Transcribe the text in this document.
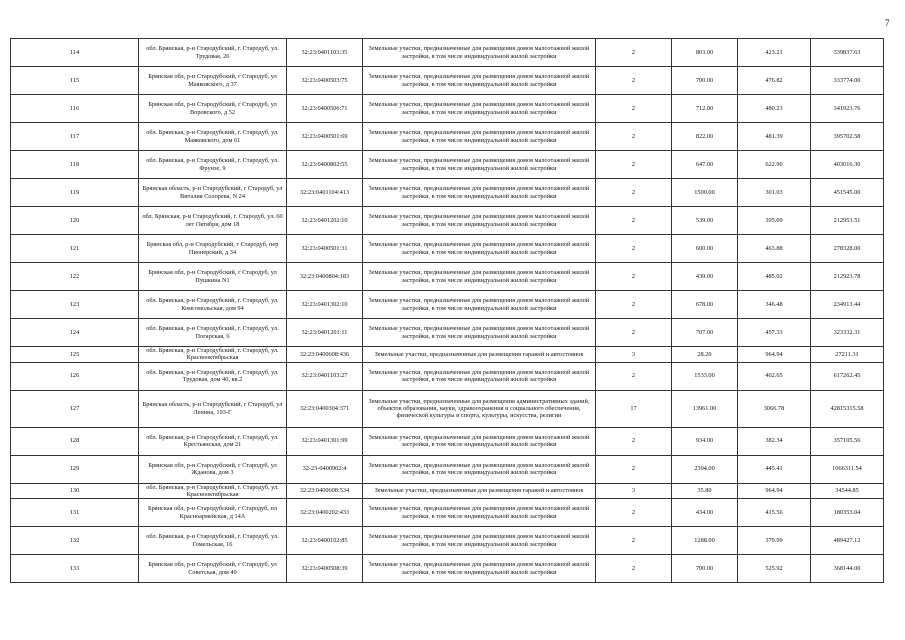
7
114	обл. Брянская, р-н Стародубский, г. Стародуб, ул. Трудовая, 26	32:23:0401103:35	Земельные участки, предназначенные для размещения домов малоэтажной жилой застройки, в том числе индивидуальной жилой застройки	2	803.00	423.21	339837.63
115	Брянская обл, р-н Стародубский, г Стародуб, ул Маяковского, д 37	32:23:0400503:75	Земельные участки, предназначенные для размещения домов малоэтажной жилой застройки, в том числе индивидуальной жилой застройки	2	700.00	476.82	333774.00
116	Брянская обл, р-н Стародубский, г Стародуб, ул Воровского, д 52	32:23:0400506:71	Земельные участки, предназначенные для размещения домов малоэтажной жилой застройки, в том числе индивидуальной жилой застройки	2	712.00	480.23	341923.76
117	обл. Брянская, р-н Стародубский, г. Стародуб, ул. Маяковского, дом 61	32:23:0400501:69	Земельные участки, предназначенные для размещения домов малоэтажной жилой застройки, в том числе индивидуальной жилой застройки	2	822.00	481.39	395702.58
118	обл. Брянская, р-н Стародубский, г. Стародуб, ул. Фрунзе, 9	32:23:0400802:55	Земельные участки, предназначенные для размещения домов малоэтажной жилой застройки, в том числе индивидуальной жилой застройки	2	647.00	622.90	403016.30
119	Брянская область, р-н Стародубский, г Стародуб, ул Виталия Солорева, N 24	32:23:0401104:413	Земельные участки, предназначенные для размещения домов малоэтажной жилой застройки, в том числе индивидуальной жилой застройки	2	1500.00	301.03	451545.00
120	обл. Брянская, р-н Стародубский, г. Стародуб, ул. 60 лет Октября, дом 18	32:23:0401202:10	Земельные участки, предназначенные для размещения домов малоэтажной жилой застройки, в том числе индивидуальной жилой застройки	2	539.00	395.09	212953.51
121	Брянская обл, р-н Стародубский, г Стародуб, пер Пионерский, д 34	32:23:0400501:31	Земельные участки, предназначенные для размещения домов малоэтажной жилой застройки, в том числе индивидуальной жилой застройки	2	600.00	463.88	278328.00
122	Брянская обл, р-н Стародубский, г Стародуб, ул Пушкина N1	32:23:0400804:183	Земельные участки, предназначенные для размещения домов малоэтажной жилой застройки, в том числе индивидуальной жилой застройки	2	439.00	485.02	212923.78
123	обл. Брянская, р-н Стародубский, г. Стародуб, ул. Комсомольская, дом 94	32:23:0401302:10	Земельные участки, предназначенные для размещения домов малоэтажной жилой застройки, в том числе индивидуальной жилой застройки	2	678.00	346.48	234913.44
124	обл. Брянская, р-н Стародубский, г. Стародуб, ул. Погарская, 6	32:23:0401201:11	Земельные участки, предназначенные для размещения домов малоэтажной жилой застройки, в том числе индивидуальной жилой застройки	2	707.00	457.33	323332.31
125	обл. Брянская, р-н Стародубский, г. Стародуб, ул. Краснооктябрьская	32:23:0400608:436	Земельные участки, предназначенные для размещения гаражей и автостоянок	3	28.20	964.94	27211.31
126	обл. Брянская, р-н Стародубский, г. Стародуб, ул. Трудовая, дом 40, кв.2	32:23:0401103:27	Земельные участки, предназначенные для размещения домов малоэтажной жилой застройки, в том числе индивидуальной жилой застройки	2	1533.00	402.65	617262.45
127	Брянская область, р-н Стародубский, г Стародуб, ул Ленина, 193-Г	32:23:0400304:371	Земельные участки, предназначенные для размещения административных зданий, объектов образования, науки, здравоохранения и социального обеспечения, физической культуры и спорта, культуры, искусства, религии	17	13961.00	3066.78	42815315.58
128	обл. Брянская, р-н Стародубский, г. Стародуб, ул. Крестьянская, дом 21	32:23:0401301:99	Земельные участки, предназначенные для размещения домов малоэтажной жилой застройки, в том числе индивидуальной жилой застройки	2	934.00	382.34	357105.56
129	Брянская обл, р-н Стародубский, г Стародуб, ул Жданова, дом 3	32-23-0400902:4	Земельные участки, предназначенные для размещения домов малоэтажной жилой застройки, в том числе индивидуальной жилой застройки	2	2394.00	445.41	1066311.54
130	обл. Брянская, р-н Стародубский, г. Стародуб, ул. Краснооктябрьская	32:23:0400608:534	Земельные участки, предназначенные для размещения гаражей и автостоянок	3	35.80	964.94	34544.85
131	Брянская обл, р-н Стародубский, г Стародуб, пл Красноармейская, д 14А	32:23:0400202:433	Земельные участки, предназначенные для размещения домов малоэтажной жилой застройки, в том числе индивидуальной жилой застройки	2	434.00	415.56	180353.04
132	обл. Брянская, р-н Стародубский, г. Стародуб, ул. Гомельская, 16	32:23:0400102:85	Земельные участки, предназначенные для размещения домов малоэтажной жилой застройки, в том числе индивидуальной жилой застройки	2	1288.00	379.99	489427.12
133	Брянская обл, р-н Стародубский, г Стародуб, ул Советская, дом 49	32:23:0400508:39	Земельные участки, предназначенные для размещения домов малоэтажной жилой застройки, в том числе индивидуальной жилой застройки	2	700.00	525.92	368144.00
